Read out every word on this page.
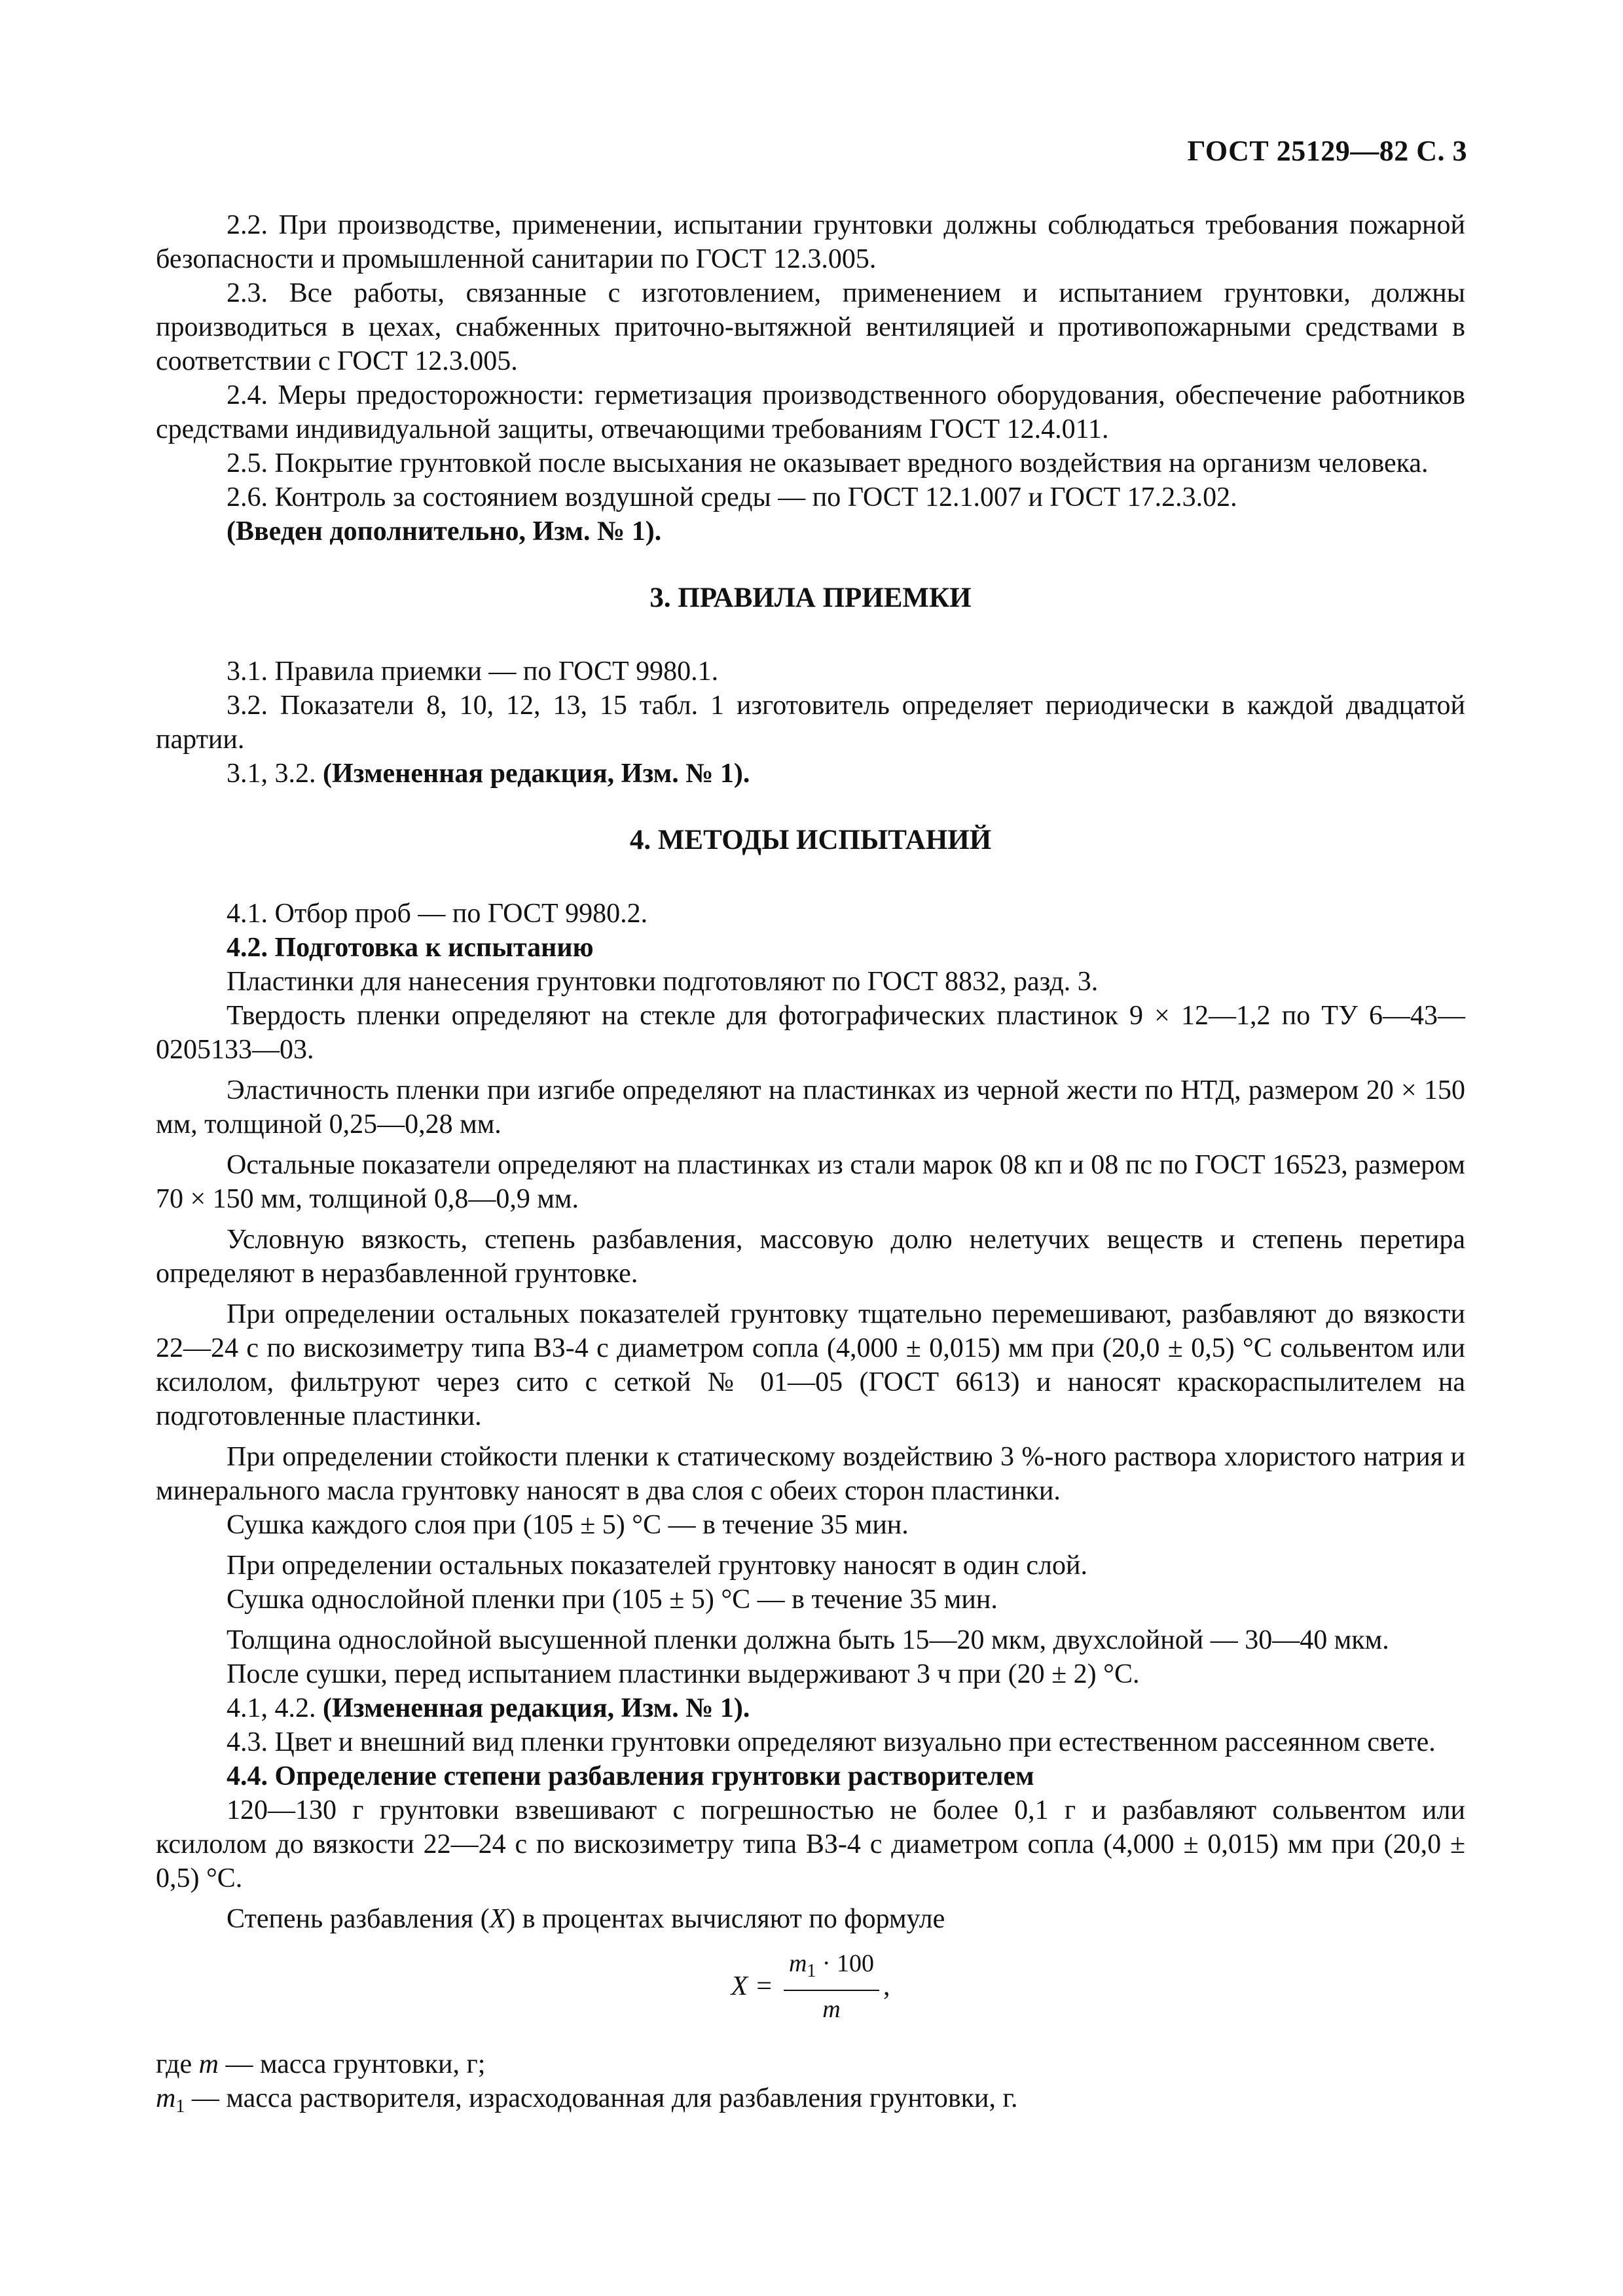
ГОСТ 25129—82 С. 3

2.2. При производстве, применении, испытании грунтовки должны соблюдаться требования пожарной безопасности и промышленной санитарии по ГОСТ 12.3.005.

2.3. Все работы, связанные с изготовлением, применением и испытанием грунтовки, должны производиться в цехах, снабженных приточно-вытяжной вентиляцией и противопожарными средствами в соответствии с ГОСТ 12.3.005.

2.4. Меры предосторожности: герметизация производственного оборудования, обеспечение работников средствами индивидуальной защиты, отвечающими требованиям ГОСТ 12.4.011.

2.5. Покрытие грунтовкой после высыхания не оказывает вредного воздействия на организм человека.

2.6. Контроль за состоянием воздушной среды — по ГОСТ 12.1.007 и ГОСТ 17.2.3.02.

(Введен дополнительно, Изм. № 1).

3. ПРАВИЛА ПРИЕМКИ

3.1. Правила приемки — по ГОСТ 9980.1.

3.2. Показатели 8, 10, 12, 13, 15 табл. 1 изготовитель определяет периодически в каждой двадцатой партии.

3.1, 3.2. (Измененная редакция, Изм. № 1).

4. МЕТОДЫ ИСПЫТАНИЙ

4.1. Отбор проб — по ГОСТ 9980.2.

4.2. Подготовка к испытанию

Пластинки для нанесения грунтовки подготовляют по ГОСТ 8832, разд. 3.

Твердость пленки определяют на стекле для фотографических пластинок 9 × 12—1,2 по ТУ 6—43—0205133—03.

Эластичность пленки при изгибе определяют на пластинках из черной жести по НТД, размером 20 × 150 мм, толщиной 0,25—0,28 мм.

Остальные показатели определяют на пластинках из стали марок 08 кп и 08 пс по ГОСТ 16523, размером 70 × 150 мм, толщиной 0,8—0,9 мм.

Условную вязкость, степень разбавления, массовую долю нелетучих веществ и степень перетира определяют в неразбавленной грунтовке.

При определении остальных показателей грунтовку тщательно перемешивают, разбавляют до вязкости 22—24 с по вискозиметру типа ВЗ-4 с диаметром сопла (4,000 ± 0,015) мм при (20,0 ± 0,5) °С сольвентом или ксилолом, фильтруют через сито с сеткой № 01—05 (ГОСТ 6613) и наносят краскораспылителем на подготовленные пластинки.

При определении стойкости пленки к статическому воздействию 3 %-ного раствора хлористого натрия и минерального масла грунтовку наносят в два слоя с обеих сторон пластинки.

Сушка каждого слоя при (105 ± 5) °С — в течение 35 мин.

При определении остальных показателей грунтовку наносят в один слой.

Сушка однослойной пленки при (105 ± 5) °С — в течение 35 мин.

Толщина однослойной высушенной пленки должна быть 15—20 мкм, двухслойной — 30—40 мкм.

После сушки, перед испытанием пластинки выдерживают 3 ч при (20 ± 2) °С.

4.1, 4.2. (Измененная редакция, Изм. № 1).

4.3. Цвет и внешний вид пленки грунтовки определяют визуально при естественном рассеянном свете.

4.4. Определение степени разбавления грунтовки растворителем

120—130 г грунтовки взвешивают с погрешностью не более 0,1 г и разбавляют сольвентом или ксилолом до вязкости 22—24 с по вискозиметру типа ВЗ-4 с диаметром сопла (4,000 ± 0,015) мм при (20,0 ± 0,5) °С.

Степень разбавления (X) в процентах вычисляют по формуле

$X = \frac{m_1 \cdot 100}{m}$ ,

где m — масса грунтовки, г;

$m_1$ — масса растворителя, израсходованная для разбавления грунтовки, г.
